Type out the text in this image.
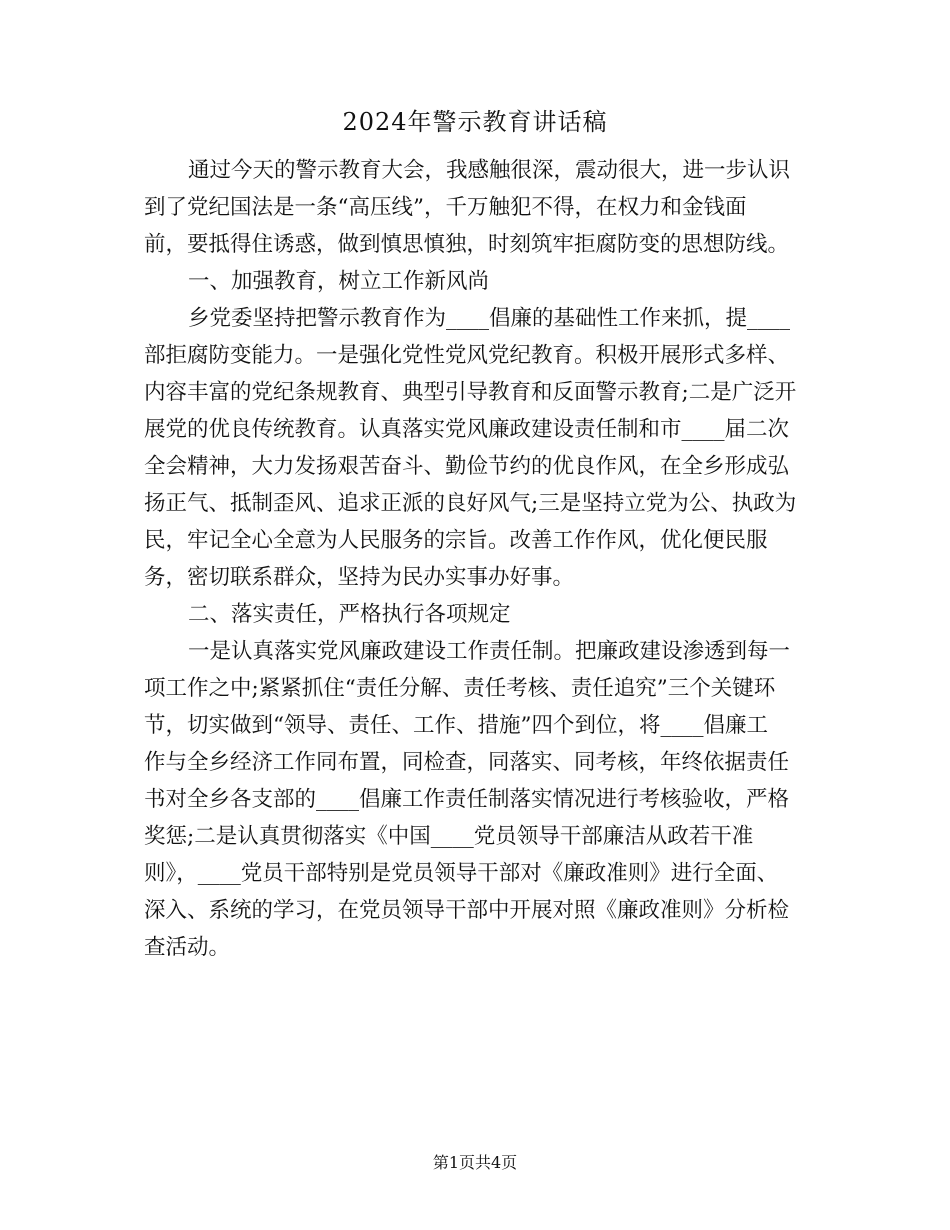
2024年警示教育讲话稿
通过今天的警示教育大会，我感触很深，震动很大，进一步认识
到了党纪国法是一条“高压线”，千万触犯不得，在权力和金钱面
前，要抵得住诱惑，做到慎思慎独，时刻筑牢拒腐防变的思想防线。
一、加强教育，树立工作新风尚
乡党委坚持把警示教育作为____倡廉的基础性工作来抓，提____
部拒腐防变能力。一是强化党性党风党纪教育。积极开展形式多样、
内容丰富的党纪条规教育、典型引导教育和反面警示教育;二是广泛开
展党的优良传统教育。认真落实党风廉政建设责任制和市____届二次
全会精神，大力发扬艰苦奋斗、勤俭节约的优良作风，在全乡形成弘
扬正气、抵制歪风、追求正派的良好风气;三是坚持立党为公、执政为
民，牢记全心全意为人民服务的宗旨。改善工作作风，优化便民服
务，密切联系群众，坚持为民办实事办好事。
二、落实责任，严格执行各项规定
一是认真落实党风廉政建设工作责任制。把廉政建设渗透到每一
项工作之中;紧紧抓住“责任分解、责任考核、责任追究”三个关键环
节，切实做到“领导、责任、工作、措施”四个到位，将____倡廉工
作与全乡经济工作同布置，同检查，同落实、同考核，年终依据责任
书对全乡各支部的____倡廉工作责任制落实情况进行考核验收，严格
奖惩;二是认真贯彻落实《中国____党员领导干部廉洁从政若干准
则》，____党员干部特别是党员领导干部对《廉政准则》进行全面、
深入、系统的学习，在党员领导干部中开展对照《廉政准则》分析检
查活动。
第1页共4页
